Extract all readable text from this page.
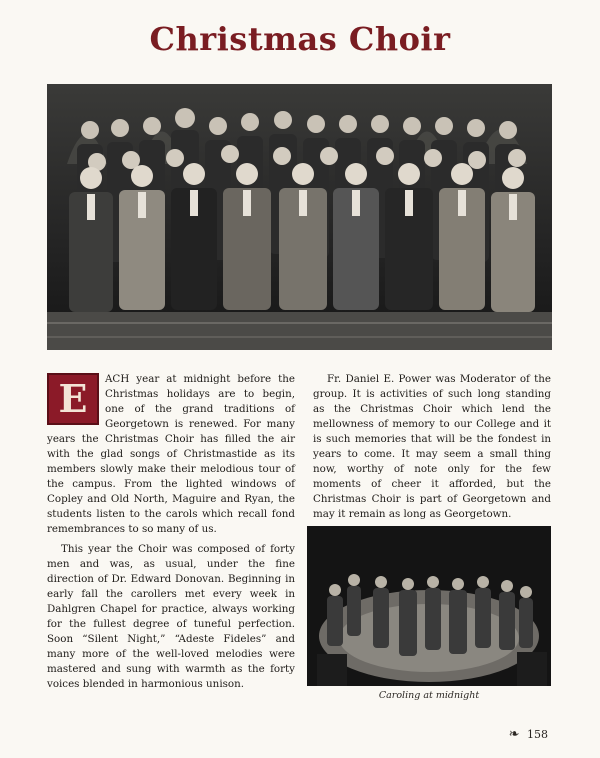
Christmas Choir

E	ACH year at midnight before the Christmas holidays are to begin, one of the grand traditions of Georgetown is renewed. For many years the Christmas Choir has filled the air with the glad songs of Christmastide as its members slowly make their melodious tour of the campus. From the lighted windows of Copley and Old North, Maguire and Ryan, the students listen to the carols which recall fond remembrances to so many of us.

This year the Choir was composed of forty men and was, as usual, under the fine direction of Dr. Edward Donovan. Beginning in early fall the carollers met every week in Dahlgren Chapel for practice, always working for the fullest degree of tuneful perfection. Soon “Silent Night,” “Adeste Fideles” and many more of the well-loved melodies were mastered and sung with warmth as the forty voices blended in harmonious unison.

Fr. Daniel E. Power was Moderator of the group. It is activities of such long standing as the Christmas Choir which lend the mellowness of memory to our College and it is such memories that will be the fondest in years to come. It may seem a small thing now, worthy of note only for the few moments of cheer it afforded, but the Christmas Choir is part of Georgetown and may it remain as long as Georgetown.

Caroling at midnight
❧ 158
